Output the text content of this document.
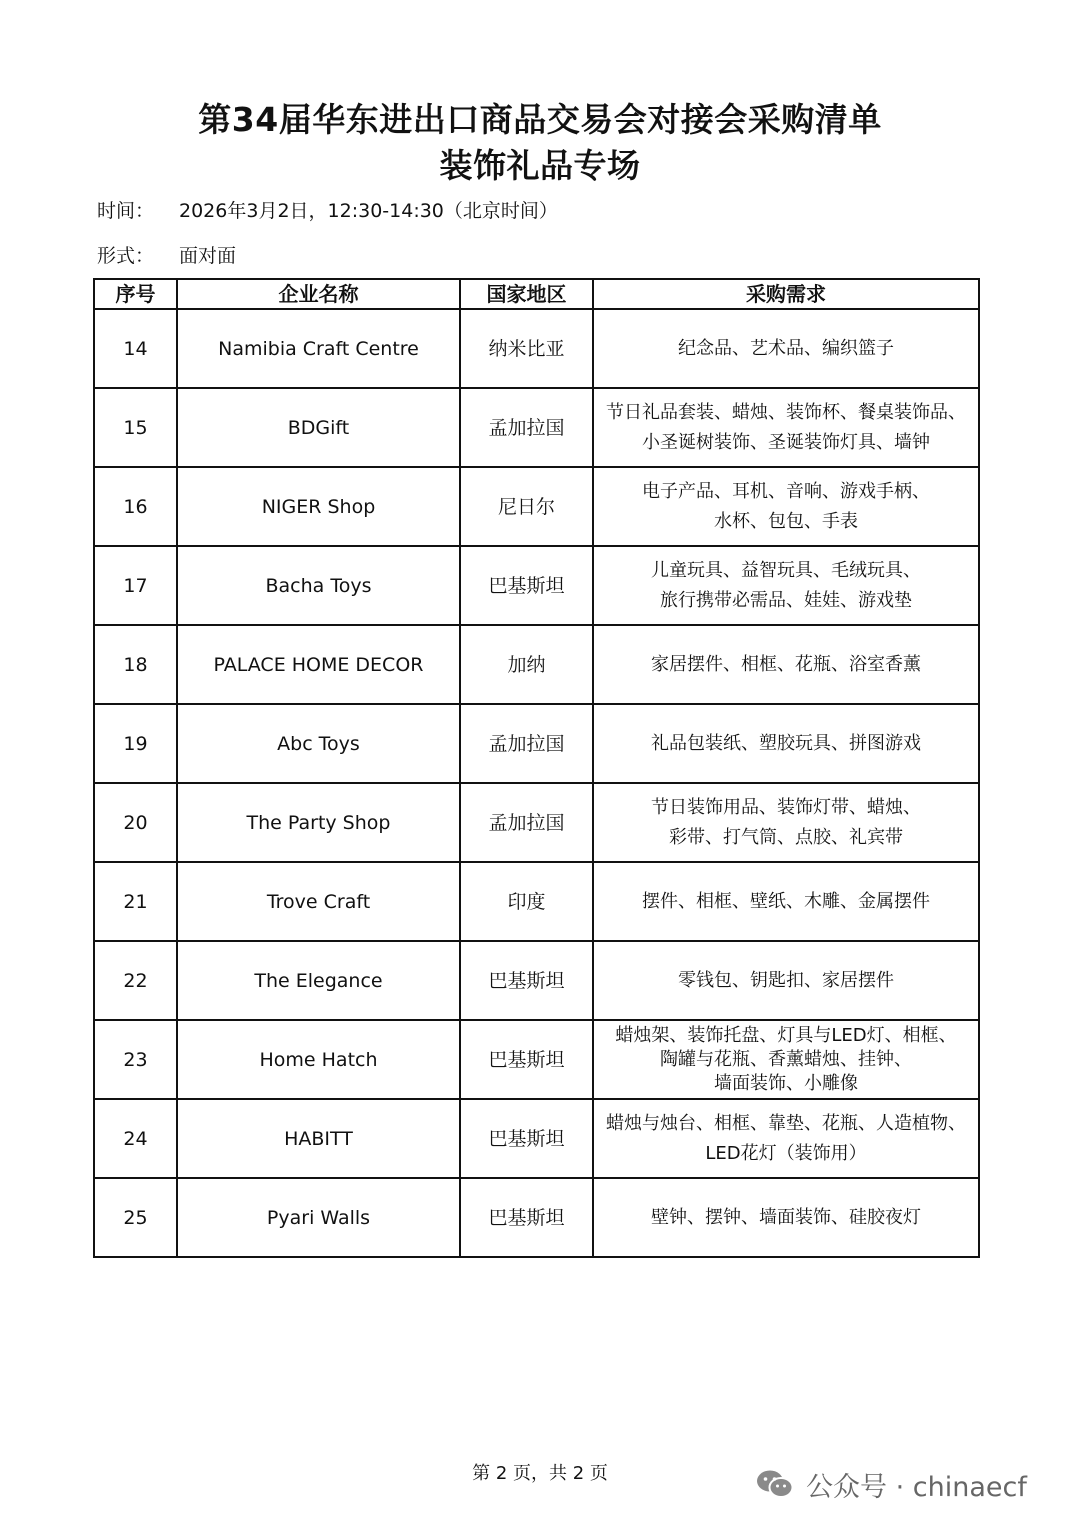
第34届华东进出口商品交易会对接会采购清单
装饰礼品专场
时间：	2026年3月2日，12:30-14:30（北京时间）
形式：	面对面
序号	企业名称	国家地区	采购需求
14	Namibia Craft Centre	纳米比亚	纪念品、艺术品、编织篮子

15	BDGift	孟加拉国	节日礼品套装、蜡烛、装饰杯、餐桌装饰品、
小圣诞树装饰、圣诞装饰灯具、墙钟

16	NIGER Shop	尼日尔	电子产品、耳机、音响、游戏手柄、
水杯、包包、手表

17	Bacha Toys	巴基斯坦	儿童玩具、益智玩具、毛绒玩具、
旅行携带必需品、娃娃、游戏垫

18	PALACE HOME DECOR	加纳	家居摆件、相框、花瓶、浴室香薰

19	Abc Toys	孟加拉国	礼品包装纸、塑胶玩具、拼图游戏

20	The Party Shop	孟加拉国	节日装饰用品、装饰灯带、蜡烛、
彩带、打气筒、点胶、礼宾带

21	Trove Craft	印度	摆件、相框、壁纸、木雕、金属摆件

22	The Elegance	巴基斯坦	零钱包、钥匙扣、家居摆件

23	Home Hatch	巴基斯坦	蜡烛架、装饰托盘、灯具与LED灯、相框、
陶罐与花瓶、香薰蜡烛、挂钟、
墙面装饰、小雕像

24	HABITT	巴基斯坦	蜡烛与烛台、相框、靠垫、花瓶、人造植物、
LED花灯（装饰用）

25	Pyari Walls	巴基斯坦	壁钟、摆钟、墙面装饰、硅胶夜灯
第 2 页，共 2 页	公众号 · chinaecf
